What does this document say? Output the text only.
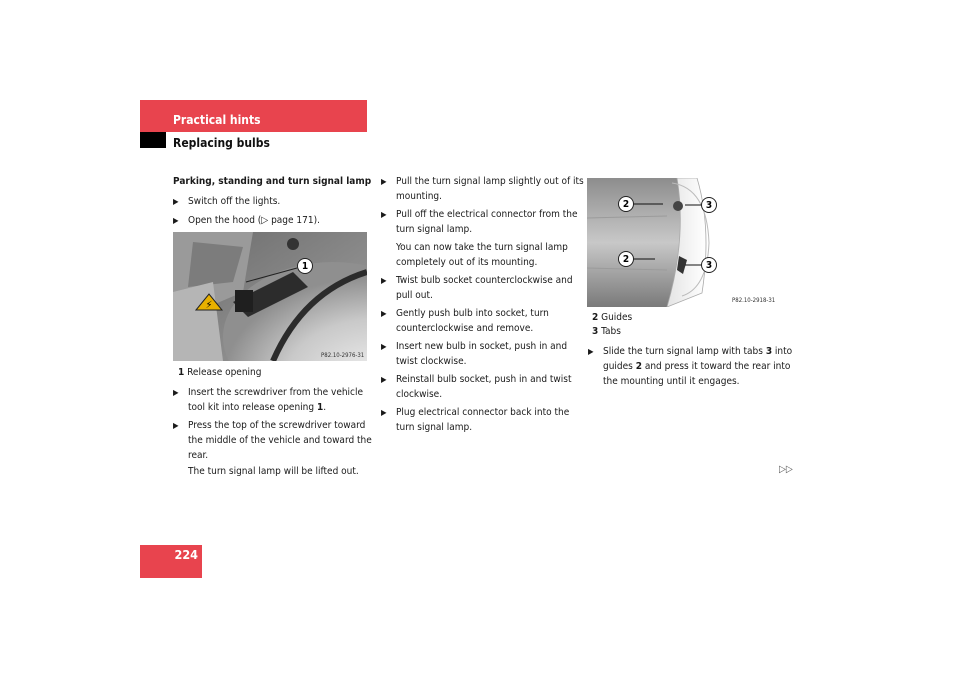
Practical hints
Replacing bulbs
Parking, standing and turn signal lamp
▶ Switch off the lights.
▶ Open the hood (▷ page 171).
⚡
1
P82.10-2976-31
1 Release opening
▶ Insert the screwdriver from the vehicle tool kit into release opening 1.
▶ Press the top of the screwdriver toward the middle of the vehicle and toward the rear.
The turn signal lamp will be lifted out.
▶ Pull the turn signal lamp slightly out of its mounting.
▶ Pull off the electrical connector from the turn signal lamp.
You can now take the turn signal lamp completely out of its mounting.
▶ Twist bulb socket counterclockwise and pull out.
▶ Gently push bulb into socket, turn counterclockwise and remove.
▶ Insert new bulb in socket, push in and twist clockwise.
▶ Reinstall bulb socket, push in and twist clockwise.
▶ Plug electrical connector back into the turn signal lamp.
2
2
3
3
P82.10-2918-31
2 Guides
3 Tabs
▶ Slide the turn signal lamp with tabs 3 into guides 2 and press it toward the rear into the mounting until it engages.
▷▷
224
